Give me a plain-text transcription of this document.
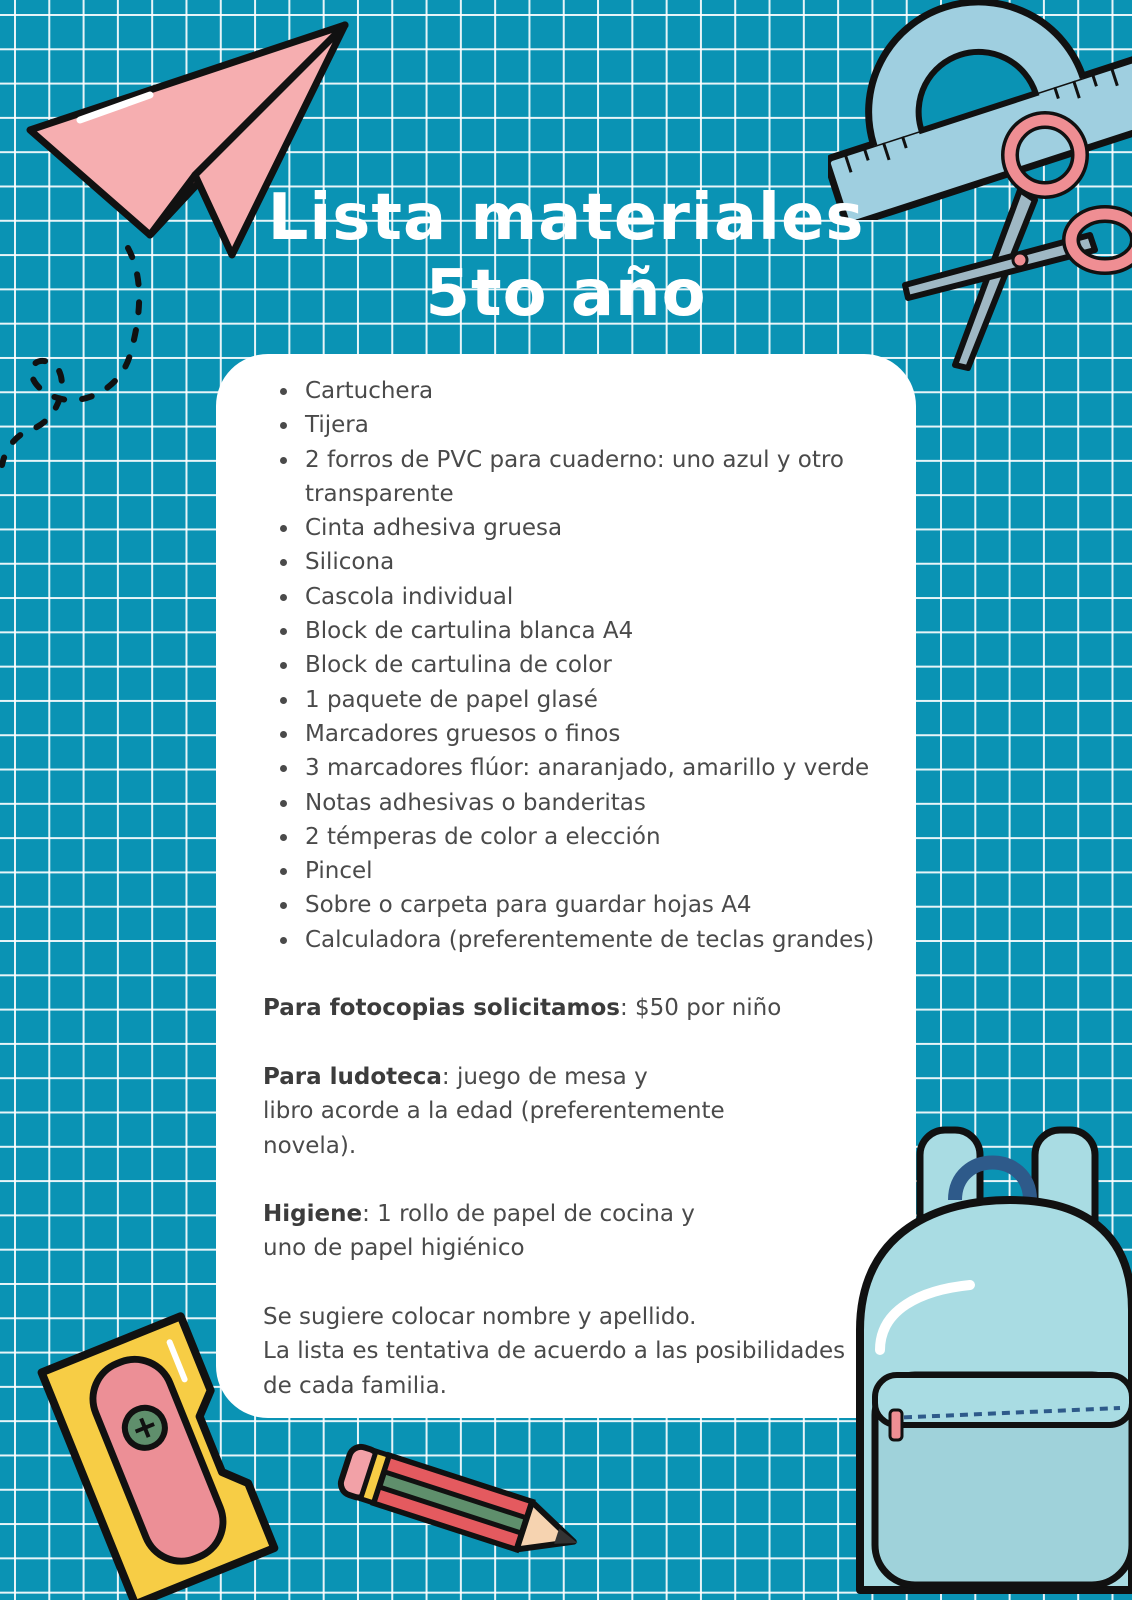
Lista materiales
5to año
Cartuchera
Tijera
2 forros de PVC para cuaderno: uno azul y otro transparente
Cinta adhesiva gruesa
Silicona
Cascola individual
Block de cartulina blanca A4
Block de cartulina de color
1 paquete de papel glasé
Marcadores gruesos o finos
3 marcadores flúor: anaranjado, amarillo y verde
Notas adhesivas o banderitas
2 témperas de color a elección
Pincel
Sobre o carpeta para guardar hojas A4
Calculadora (preferentemente de teclas grandes)
Para fotocopias solicitamos: $50 por niño
Para ludoteca: juego de mesa y
libro acorde a la edad (preferentemente
novela).
Higiene: 1 rollo de papel de cocina y
uno de papel higiénico
Se sugiere colocar nombre y apellido.
La lista es tentativa de acuerdo a las posibilidades
de cada familia.
